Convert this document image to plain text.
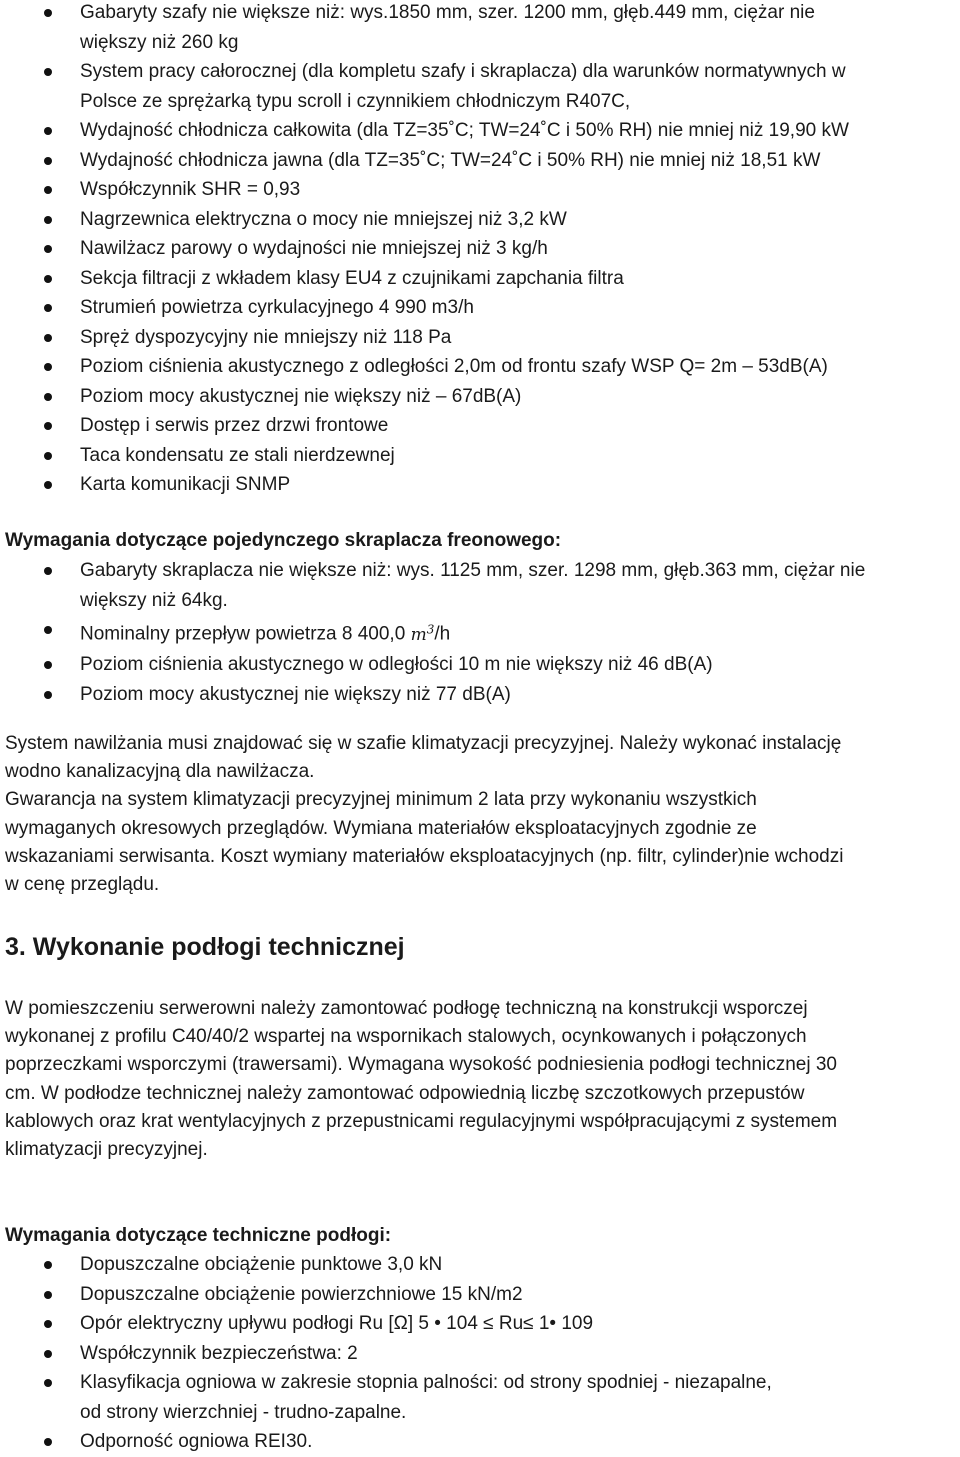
Gabaryty szafy nie większe niż: wys.1850 mm, szer. 1200 mm, głęb.449 mm, ciężar nie
większy niż 260 kg
System pracy całorocznej (dla kompletu szafy i skraplacza) dla warunków normatywnych w
Polsce ze sprężarką typu scroll i czynnikiem chłodniczym R407C,
Wydajność chłodnicza całkowita (dla TZ=35˚C; TW=24˚C i 50% RH) nie mniej niż 19,90 kW
Wydajność chłodnicza jawna (dla TZ=35˚C; TW=24˚C i 50% RH) nie mniej niż 18,51 kW
Współczynnik SHR = 0,93
Nagrzewnica elektryczna o mocy nie mniejszej niż 3,2 kW
Nawilżacz parowy o wydajności nie mniejszej niż 3 kg/h
Sekcja filtracji z wkładem klasy EU4 z czujnikami zapchania filtra
Strumień powietrza cyrkulacyjnego 4 990 m3/h
Spręż dyspozycyjny nie mniejszy niż 118 Pa
Poziom ciśnienia akustycznego z odległości 2,0m od frontu szafy WSP Q= 2m – 53dB(A)
Poziom mocy akustycznej nie większy niż – 67dB(A)
Dostęp i serwis przez drzwi frontowe
Taca kondensatu ze stali nierdzewnej
Karta komunikacji SNMP
Wymagania dotyczące pojedynczego skraplacza freonowego:
Gabaryty skraplacza nie większe niż: wys. 1125 mm, szer. 1298 mm, głęb.363 mm, ciężar nie
większy niż 64kg.
Nominalny przepływ powietrza 8 400,0 $m^3/h$
Poziom ciśnienia akustycznego w odległości 10 m nie większy niż 46 dB(A)
Poziom mocy akustycznej nie większy niż 77 dB(A)

System nawilżania musi znajdować się w szafie klimatyzacji precyzyjnej. Należy wykonać instalację

wodno kanalizacyjną dla nawilżacza.

Gwarancja na system klimatyzacji precyzyjnej minimum 2 lata przy wykonaniu wszystkich

wymaganych okresowych przeglądów. Wymiana materiałów eksploatacyjnych zgodnie ze

wskazaniami serwisanta. Koszt wymiany materiałów eksploatacyjnych (np. filtr, cylinder)nie wchodzi

w cenę przeglądu.

3. Wykonanie podłogi technicznej

W pomieszczeniu serwerowni należy zamontować podłogę techniczną na konstrukcji wsporczej

wykonanej z profilu C40/40/2 wspartej na wspornikach stalowych, ocynkowanych i połączonych

poprzeczkami wsporczymi (trawersami). Wymagana wysokość podniesienia podłogi technicznej 30

cm. W podłodze technicznej należy zamontować odpowiednią liczbę szczotkowych przepustów

kablowych oraz krat wentylacyjnych z przepustnicami regulacyjnymi współpracującymi z systemem

klimatyzacji precyzyjnej.

Wymagania dotyczące techniczne podłogi:
Dopuszczalne obciążenie punktowe 3,0 kN
Dopuszczalne obciążenie powierzchniowe 15 kN/m2
Opór elektryczny upływu podłogi Ru [Ω] 5 • 104 ≤ Ru≤ 1• 109
Współczynnik bezpieczeństwa: 2
Klasyfikacja ogniowa w zakresie stopnia palności: od strony spodniej - niezapalne,
od strony wierzchniej - trudno-zapalne.
Odporność ogniowa REI30.
